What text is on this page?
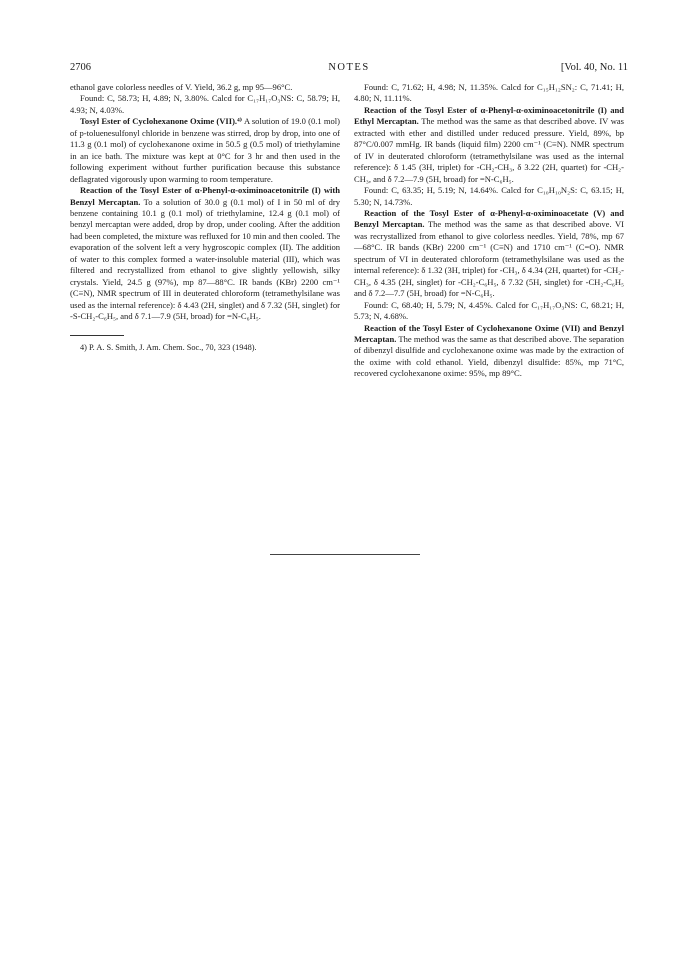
2706	NOTES	[Vol. 40, No. 11

ethanol gave colorless needles of V. Yield, 36.2 g, mp 95—96°C.

Found: C, 58.73; H, 4.89; N, 3.80%. Calcd for C₁₇H₁₇O₃NS: C, 58.79; H, 4.93; N, 4.03%.

Tosyl Ester of Cyclohexanone Oxime (VII).⁴⁾ A solution of 19.0 (0.1 mol) of p-toluenesulfonyl chloride in benzene was stirred, drop by drop, into one of 11.3 g (0.1 mol) of cyclohexanone oxime in 50.5 g (0.5 mol) of triethylamine in an ice bath. The mixture was kept at 0°C for 3 hr and then used in the following experiment without further purification because this substance deflagrated vigorously upon warming to room temperature.

Reaction of the Tosyl Ester of α-Phenyl-α-oximinoacetonitrile (I) with Benzyl Mercaptan. To a solution of 30.0 g (0.1 mol) of I in 50 ml of dry benzene containing 10.1 g (0.1 mol) of triethylamine, 12.4 g (0.1 mol) of benzyl mercaptan were added, drop by drop, under cooling. After the addition had been completed, the mixture was refluxed for 10 min and then cooled. The evaporation of the solvent left a very hygroscopic complex (II). The addition of water to this complex formed a water-insoluble material (III), which was filtered and recrystallized from ethanol to give slightly yellowish, silky crystals. Yield, 24.5 g (97%), mp 87—88°C. IR bands (KBr) 2200 cm⁻¹ (C≡N), NMR spectrum of III in deuterated chloroform (tetramethylsilane was used as the internal reference): δ 4.43 (2H, singlet) and δ 7.32 (5H, singlet) for -S-CH₂-C₆H₅, and δ 7.1—7.9 (5H, broad) for =N-C₆H₅.

4) P. A. S. Smith, J. Am. Chem. Soc., 70, 323 (1948).

Found: C, 71.62; H, 4.98; N, 11.35%. Calcd for C₁₅H₁₂SN₂: C, 71.41; H, 4.80; N, 11.11%.

Reaction of the Tosyl Ester of α-Phenyl-α-oximinoacetonitrile (I) and Ethyl Mercaptan. The method was the same as that described above. IV was extracted with ether and distilled under reduced pressure. Yield, 89%, bp 87°C/0.007 mmHg. IR bands (liquid film) 2200 cm⁻¹ (C≡N). NMR spectrum of IV in deuterated chloroform (tetramethylsilane was used as the internal reference): δ 1.45 (3H, triplet) for -CH₂-CH₃, δ 3.22 (2H, quartet) for -CH₂-CH₃, and δ 7.2—7.9 (5H, broad) for =N-C₆H₅.

Found: C, 63.35; H, 5.19; N, 14.64%. Calcd for C₁₀H₁₀N₂S: C, 63.15; H, 5.30; N, 14.73%.

Reaction of the Tosyl Ester of α-Phenyl-α-oximinoacetate (V) and Benzyl Mercaptan. The method was the same as that described above. VI was recrystallized from ethanol to give colorless needles. Yield, 78%, mp 67—68°C. IR bands (KBr) 2200 cm⁻¹ (C≡N) and 1710 cm⁻¹ (C=O). NMR spectrum of VI in deuterated chloroform (tetramethylsilane was used as the internal reference): δ 1.32 (3H, triplet) for -CH₃, δ 4.34 (2H, quartet) for -CH₂-CH₃, δ 4.35 (2H, singlet) for -CH₂-C₆H₅, δ 7.32 (5H, singlet) for -CH₂-C₆H₅ and δ 7.2—7.7 (5H, broad) for =N-C₆H₅.

Found: C, 68.40; H, 5.79; N, 4.45%. Calcd for C₁₇H₁₇O₃NS: C, 68.21; H, 5.73; N, 4.68%.

Reaction of the Tosyl Ester of Cyclohexanone Oxime (VII) and Benzyl Mercaptan. The method was the same as that described above. The separation of dibenzyl disulfide and cyclohexanone oxime was made by the extraction of the oxime with cold ethanol. Yield, dibenzyl disulfide: 85%, mp 71°C, recovered cyclohexanone oxime: 95%, mp 89°C.
